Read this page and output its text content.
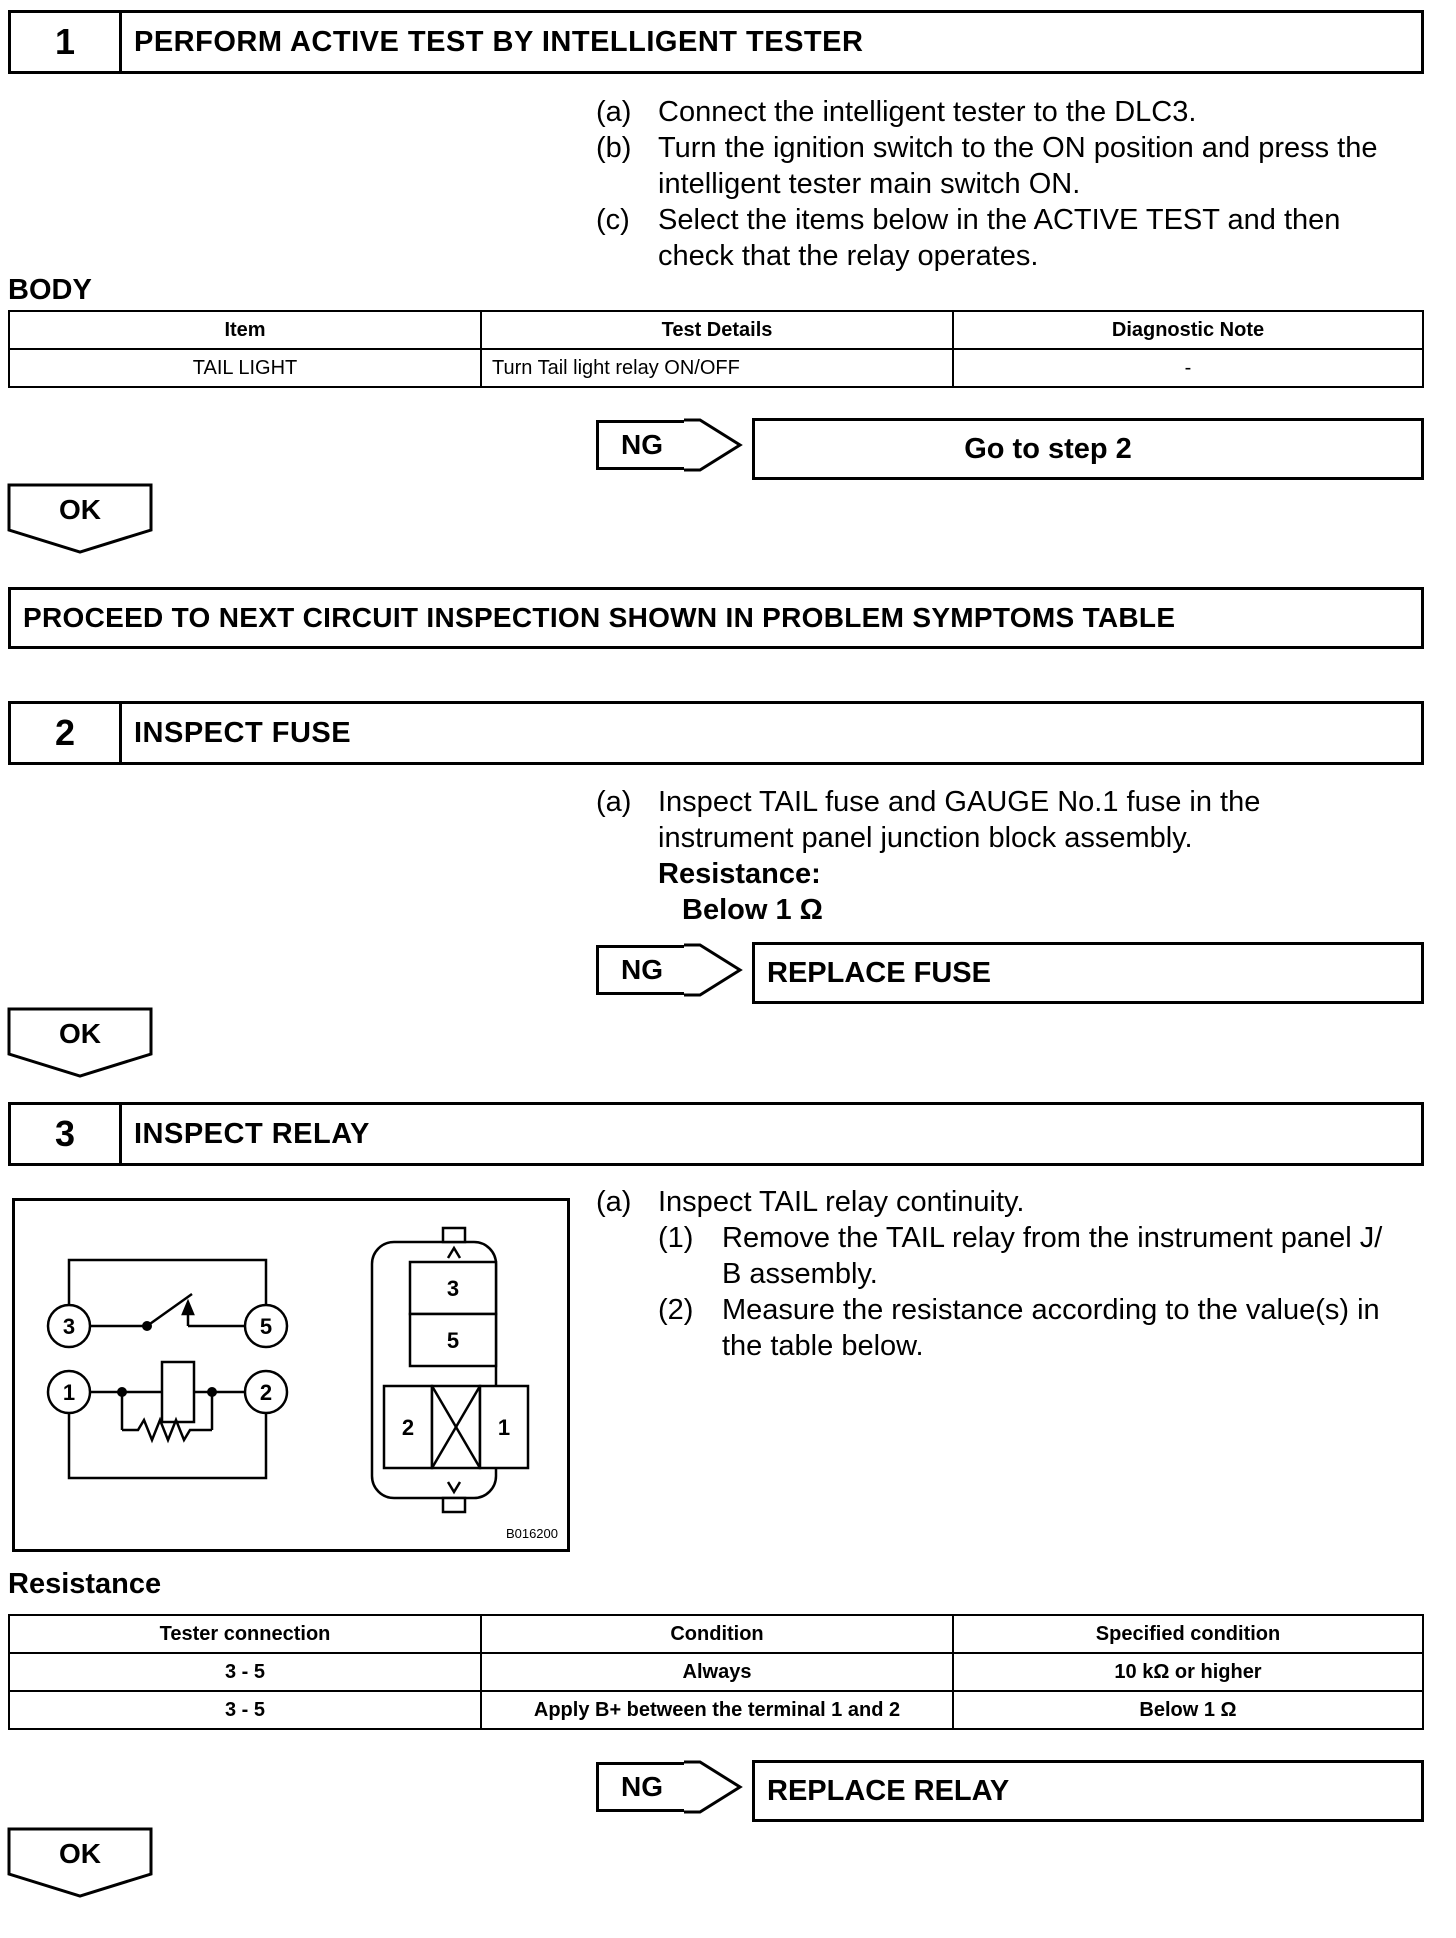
1	PERFORM ACTIVE TEST BY INTELLIGENT TESTER
(a) Connect the intelligent tester to the DLC3.
(b) Turn the ignition switch to the ON position and press the
intelligent tester main switch ON.
(c) Select the items below in the ACTIVE TEST and then
check that the relay operates.
BODY
Item	Test Details	Diagnostic Note
TAIL LIGHT	Turn Tail light relay ON/OFF	-
NG	Go to step 2
OK
PROCEED TO NEXT CIRCUIT INSPECTION SHOWN IN PROBLEM SYMPTOMS TABLE
2	INSPECT FUSE
(a) Inspect TAIL fuse and GAUGE No.1 fuse in the
instrument panel junction block assembly.
Resistance:
Below 1 Ω
NG	REPLACE FUSE
OK
3	INSPECT RELAY
(a) Inspect TAIL relay continuity.
(1) Remove the TAIL relay from the instrument panel J/
B assembly.
(2) Measure the resistance according to the value(s) in
the table below.
3	5
1	2
3
5
2	1
B016200
Resistance
Tester connection	Condition	Specified condition
3 - 5	Always	10 kΩ or higher
3 - 5	Apply B+ between the terminal 1 and 2	Below 1 Ω
NG	REPLACE RELAY
OK
